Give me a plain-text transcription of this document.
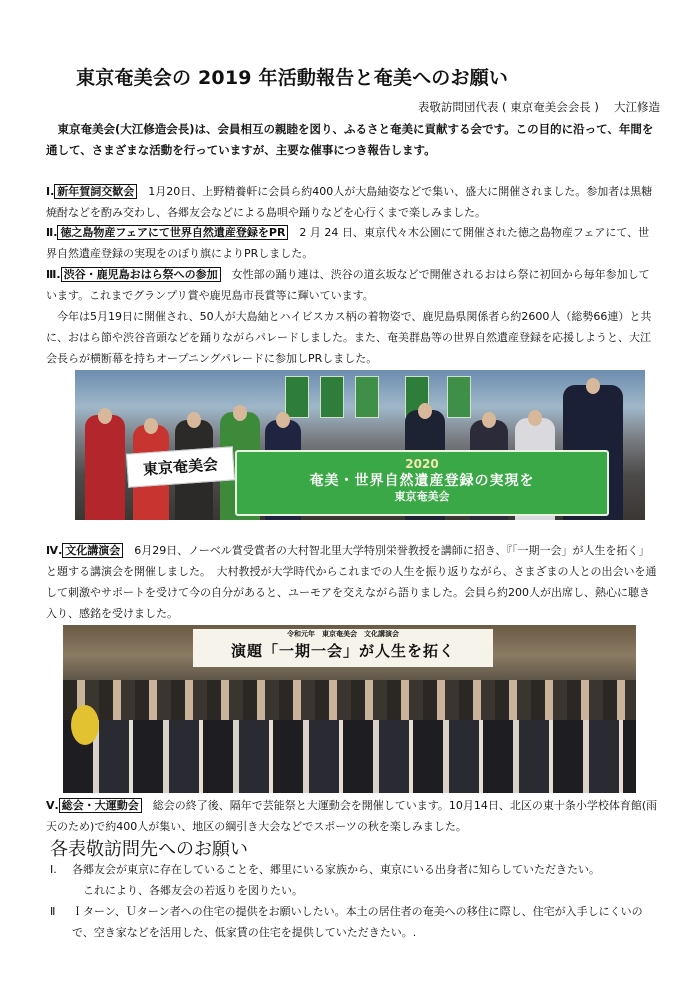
東京奄美会の 2019 年活動報告と奄美へのお願い
表敬訪問団代表 ( 東京奄美会会長 )　 大江修造
　東京奄美会(大江修造会長)は、会員相互の親睦を図り、ふるさと奄美に貢献する会です。この目的に沿って、年間を通して、さまざまな活動を行っていますが、主要な催事につき報告します。
Ⅰ. 新年賀詞交歓会　1月20日、上野精養軒に会員ら約400人が大島紬姿などで集い、盛大に開催されました。参加者は黒糖焼酎などを酌み交わし、各郷友会などによる島唄や踊りなどを心行くまで楽しみました。
Ⅱ. 徳之島物産フェアにて世界自然遺産登録をPR　2 月 24 日、東京代々木公園にて開催された徳之島物産フェアにて、世界自然遺産登録の実現をのぼり旗によりPRしました。
Ⅲ. 渋谷・鹿児島おはら祭への参加　女性部の踊り連は、渋谷の道玄坂などで開催されるおはら祭に初回から毎年参加しています。これまでグランプリ賞や鹿児島市長賞等に輝いています。
今年は5月19日に開催され、50人が大島紬とハイビスカス柄の着物姿で、鹿児島県関係者ら約2600人（総勢66連）と共に、おはら節や渋谷音頭などを踊りながらパレードしました。また、奄美群島等の世界自然遺産登録を応援しようと、大江会長らが横断幕を持ちオープニングパレードに参加しPRしました。
東京奄美会	2020
奄美・世界自然遺産登録の実現を
東京奄美会
Ⅳ. 文化講演会　6月29日、ノーベル賞受賞者の大村智北里大学特別栄誉教授を講師に招き、『「一期一会」が人生を拓く」と題する講演会を開催しました。　大村教授が大学時代からこれまでの人生を振り返りながら、さまざまの人との出会いを通して刺激やサポートを受けて今の自分があると、ユーモアを交えながら語りました。会員ら約200人が出席し、熱心に聴き入り、感銘を受けました。
令和元年　東京奄美会　文化講演会
演題「一期一会」が人生を拓く
Ⅴ. 総会・大運動会　総会の終了後、隔年で芸能祭と大運動会を開催しています。10月14日、北区の東十条小学校体育館(雨天のため)で約400人が集い、地区の綱引き大会などでスポーツの秋を楽しみました。
各表敬訪問先へのお願い
Ⅰ.	各郷友会が東京に存在していることを、郷里にいる家族から、東京にいる出身者に知らしていただきたい。
　これにより、各郷友会の若返りを図りたい。
Ⅱ	Ｉターン、Ｕターン者への住宅の提供をお願いしたい。本土の居住者の奄美への移住に際し、住宅が入手しにくいので、空き家などを活用した、低家賃の住宅を提供していただきたい。.
